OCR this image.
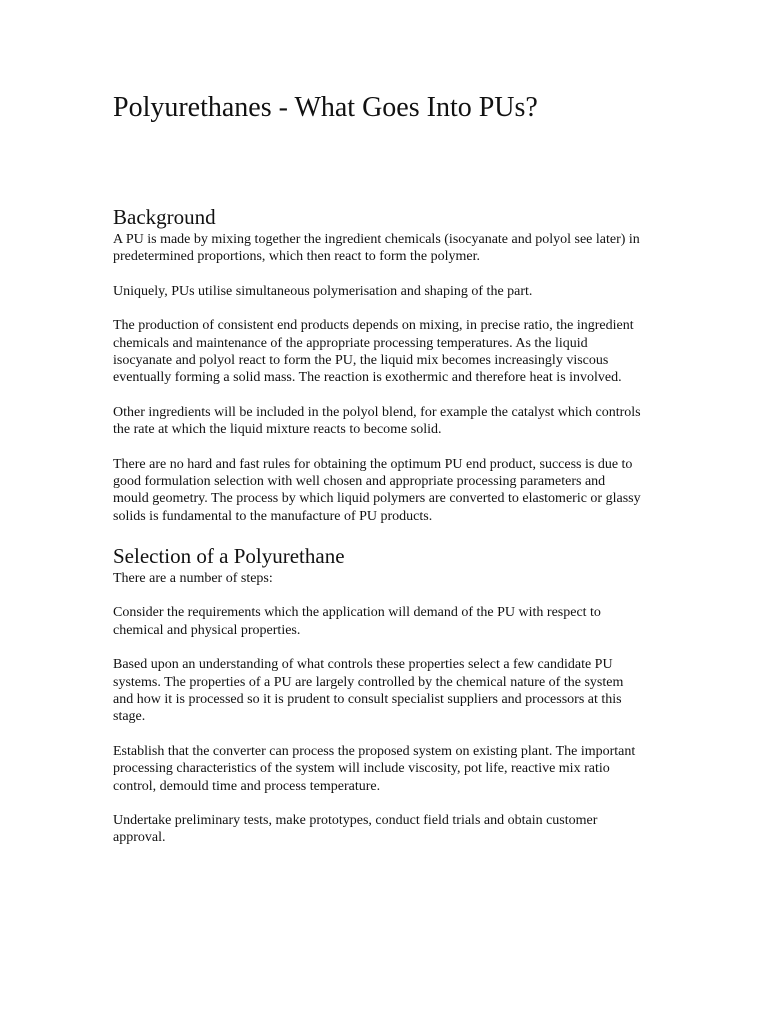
Polyurethanes - What Goes Into PUs?
Background

A PU is made by mixing together the ingredient chemicals (isocyanate and polyol see later) in predetermined proportions, which then react to form the polymer.

Uniquely, PUs utilise simultaneous polymerisation and shaping of the part.

The production of consistent end products depends on mixing, in precise ratio, the ingredient chemicals and maintenance of the appropriate processing temperatures. As the liquid isocyanate and polyol react to form the PU, the liquid mix becomes increasingly viscous eventually forming a solid mass. The reaction is exothermic and therefore heat is involved.

Other ingredients will be included in the polyol blend, for example the catalyst which controls the rate at which the liquid mixture reacts to become solid.

There are no hard and fast rules for obtaining the optimum PU end product, success is due to good formulation selection with well chosen and appropriate processing parameters and mould geometry. The process by which liquid polymers are converted to elastomeric or glassy solids is fundamental to the manufacture of PU products.

Selection of a Polyurethane

There are a number of steps:

Consider the requirements which the application will demand of the PU with respect to chemical and physical properties.

Based upon an understanding of what controls these properties select a few candidate PU systems. The properties of a PU are largely controlled by the chemical nature of the system and how it is processed so it is prudent to consult specialist suppliers and processors at this stage.

Establish that the converter can process the proposed system on existing plant. The important processing characteristics of the system will include viscosity, pot life, reactive mix ratio control, demould time and process temperature.

Undertake preliminary tests, make prototypes, conduct field trials and obtain customer approval.
